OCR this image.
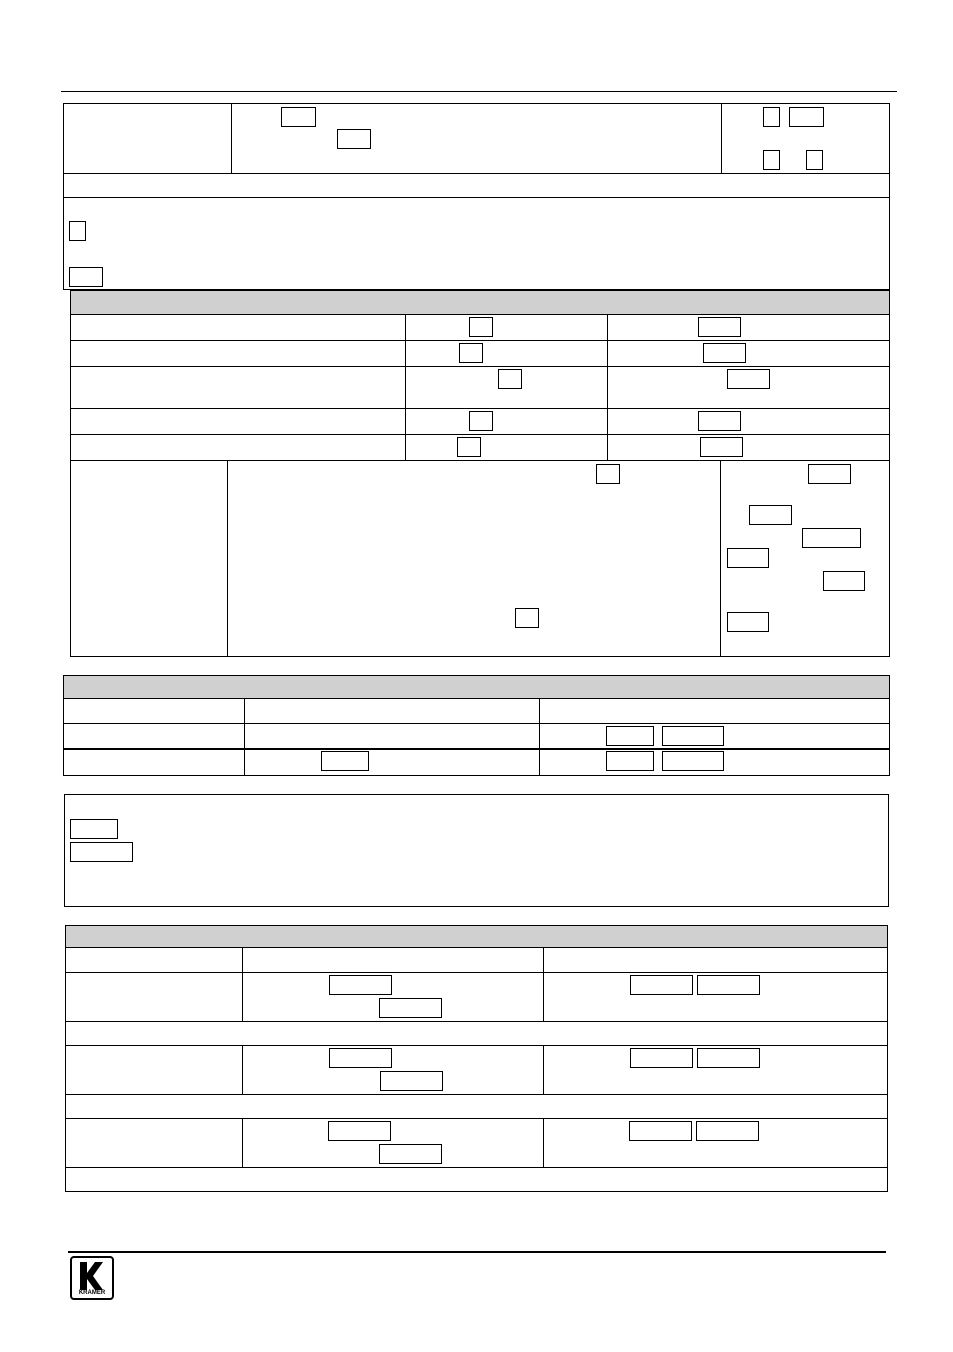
KRAMER
